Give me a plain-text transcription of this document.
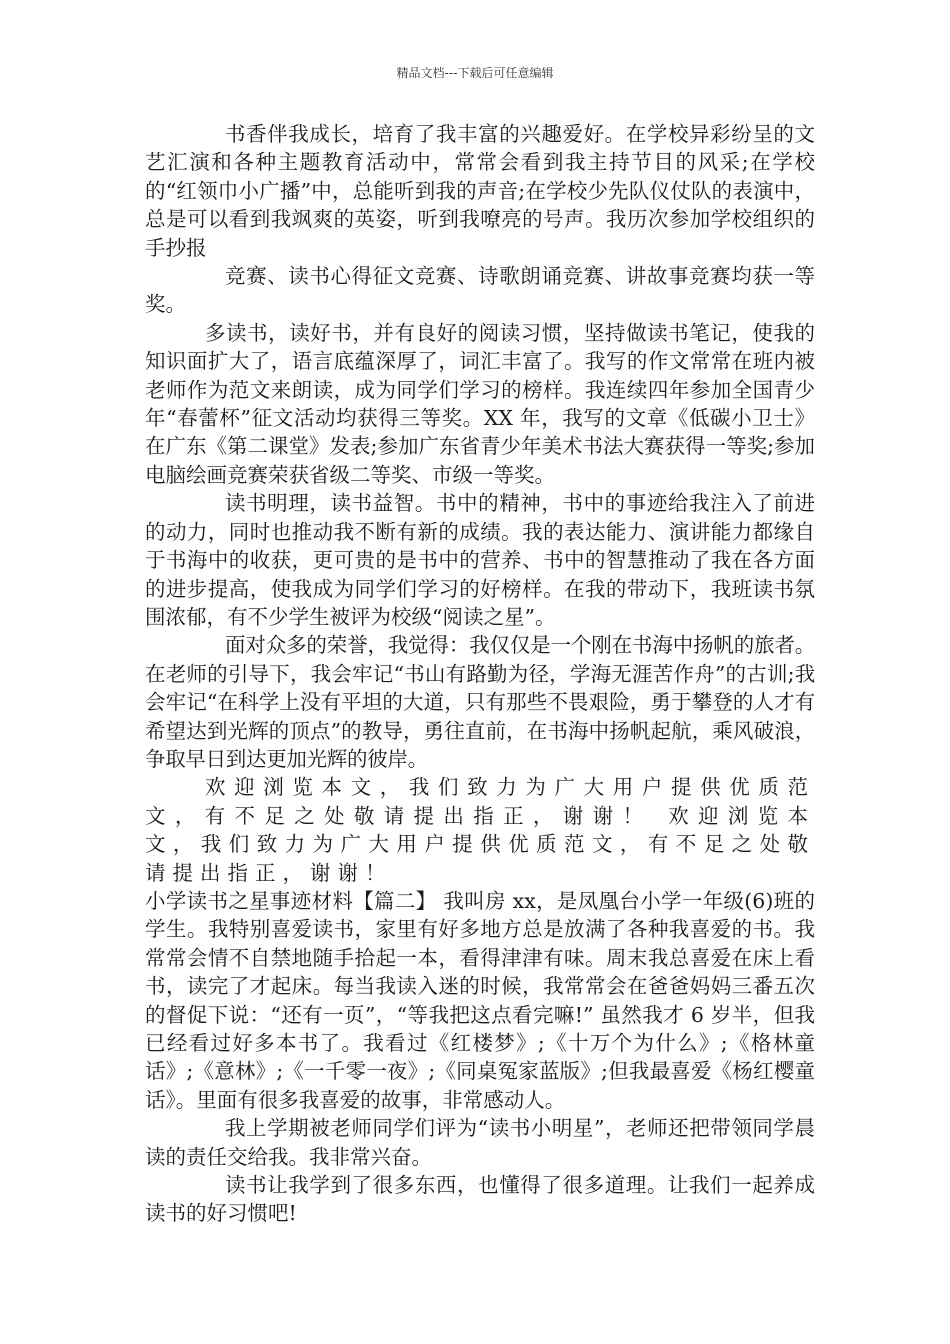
精品文档---下载后可任意编辑

书香伴我成长，培育了我丰富的兴趣爱好。在学校异彩纷呈的文艺汇演和各种主题教育活动中，常常会看到我主持节目的风采;在学校的“红领巾小广播”中，总能听到我的声音;在学校少先队仪仗队的表演中，总是可以看到我飒爽的英姿，听到我嘹亮的号声。我历次参加学校组织的手抄报

竞赛、读书心得征文竞赛、诗歌朗诵竞赛、讲故事竞赛均获一等奖。

多读书，读好书，并有良好的阅读习惯，坚持做读书笔记，使我的知识面扩大了，语言底蕴深厚了，词汇丰富了。我写的作文常常在班内被老师作为范文来朗读，成为同学们学习的榜样。我连续四年参加全国青少年“春蕾杯”征文活动均获得三等奖。XX 年，我写的文章《低碳小卫士》在广东《第二课堂》发表;参加广东省青少年美术书法大赛获得一等奖;参加电脑绘画竞赛荣获省级二等奖、市级一等奖。

读书明理，读书益智。书中的精神，书中的事迹给我注入了前进的动力，同时也推动我不断有新的成绩。我的表达能力、演讲能力都缘自于书海中的收获，更可贵的是书中的营养、书中的智慧推动了我在各方面的进步提高，使我成为同学们学习的好榜样。在我的带动下，我班读书氛围浓郁，有不少学生被评为校级“阅读之星”。

面对众多的荣誉，我觉得：我仅仅是一个刚在书海中扬帆的旅者。在老师的引导下，我会牢记“书山有路勤为径，学海无涯苦作舟”的古训;我会牢记“在科学上没有平坦的大道，只有那些不畏艰险，勇于攀登的人才有希望达到光辉的顶点”的教导，勇往直前，在书海中扬帆起航，乘风破浪，争取早日到达更加光辉的彼岸。

欢迎浏览本文，我们致力为广大用户提供优质范文，有不足之处敬请提出指正，谢谢！ 欢迎浏览本文，我们致力为广大用户提供优质范文，有不足之处敬请提出指正，谢谢！

小学读书之星事迹材料【篇二】 我叫房 xx，是凤凰台小学一年级(6)班的学生。我特别喜爱读书，家里有好多地方总是放满了各种我喜爱的书。我常常会情不自禁地随手拾起一本，看得津津有味。周末我总喜爱在床上看书，读完了才起床。每当我读入迷的时候，我常常会在爸爸妈妈三番五次的督促下说：“还有一页”，“等我把这点看完嘛!” 虽然我才 6 岁半，但我已经看过好多本书了。我看过《红楼梦》;《十万个为什么》;《格林童话》;《意林》;《一千零一夜》;《同桌冤家蓝版》;但我最喜爱《杨红樱童话》。里面有很多我喜爱的故事，非常感动人。

我上学期被老师同学们评为“读书小明星”，老师还把带领同学晨读的责任交给我。我非常兴奋。

读书让我学到了很多东西，也懂得了很多道理。让我们一起养成读书的好习惯吧!
